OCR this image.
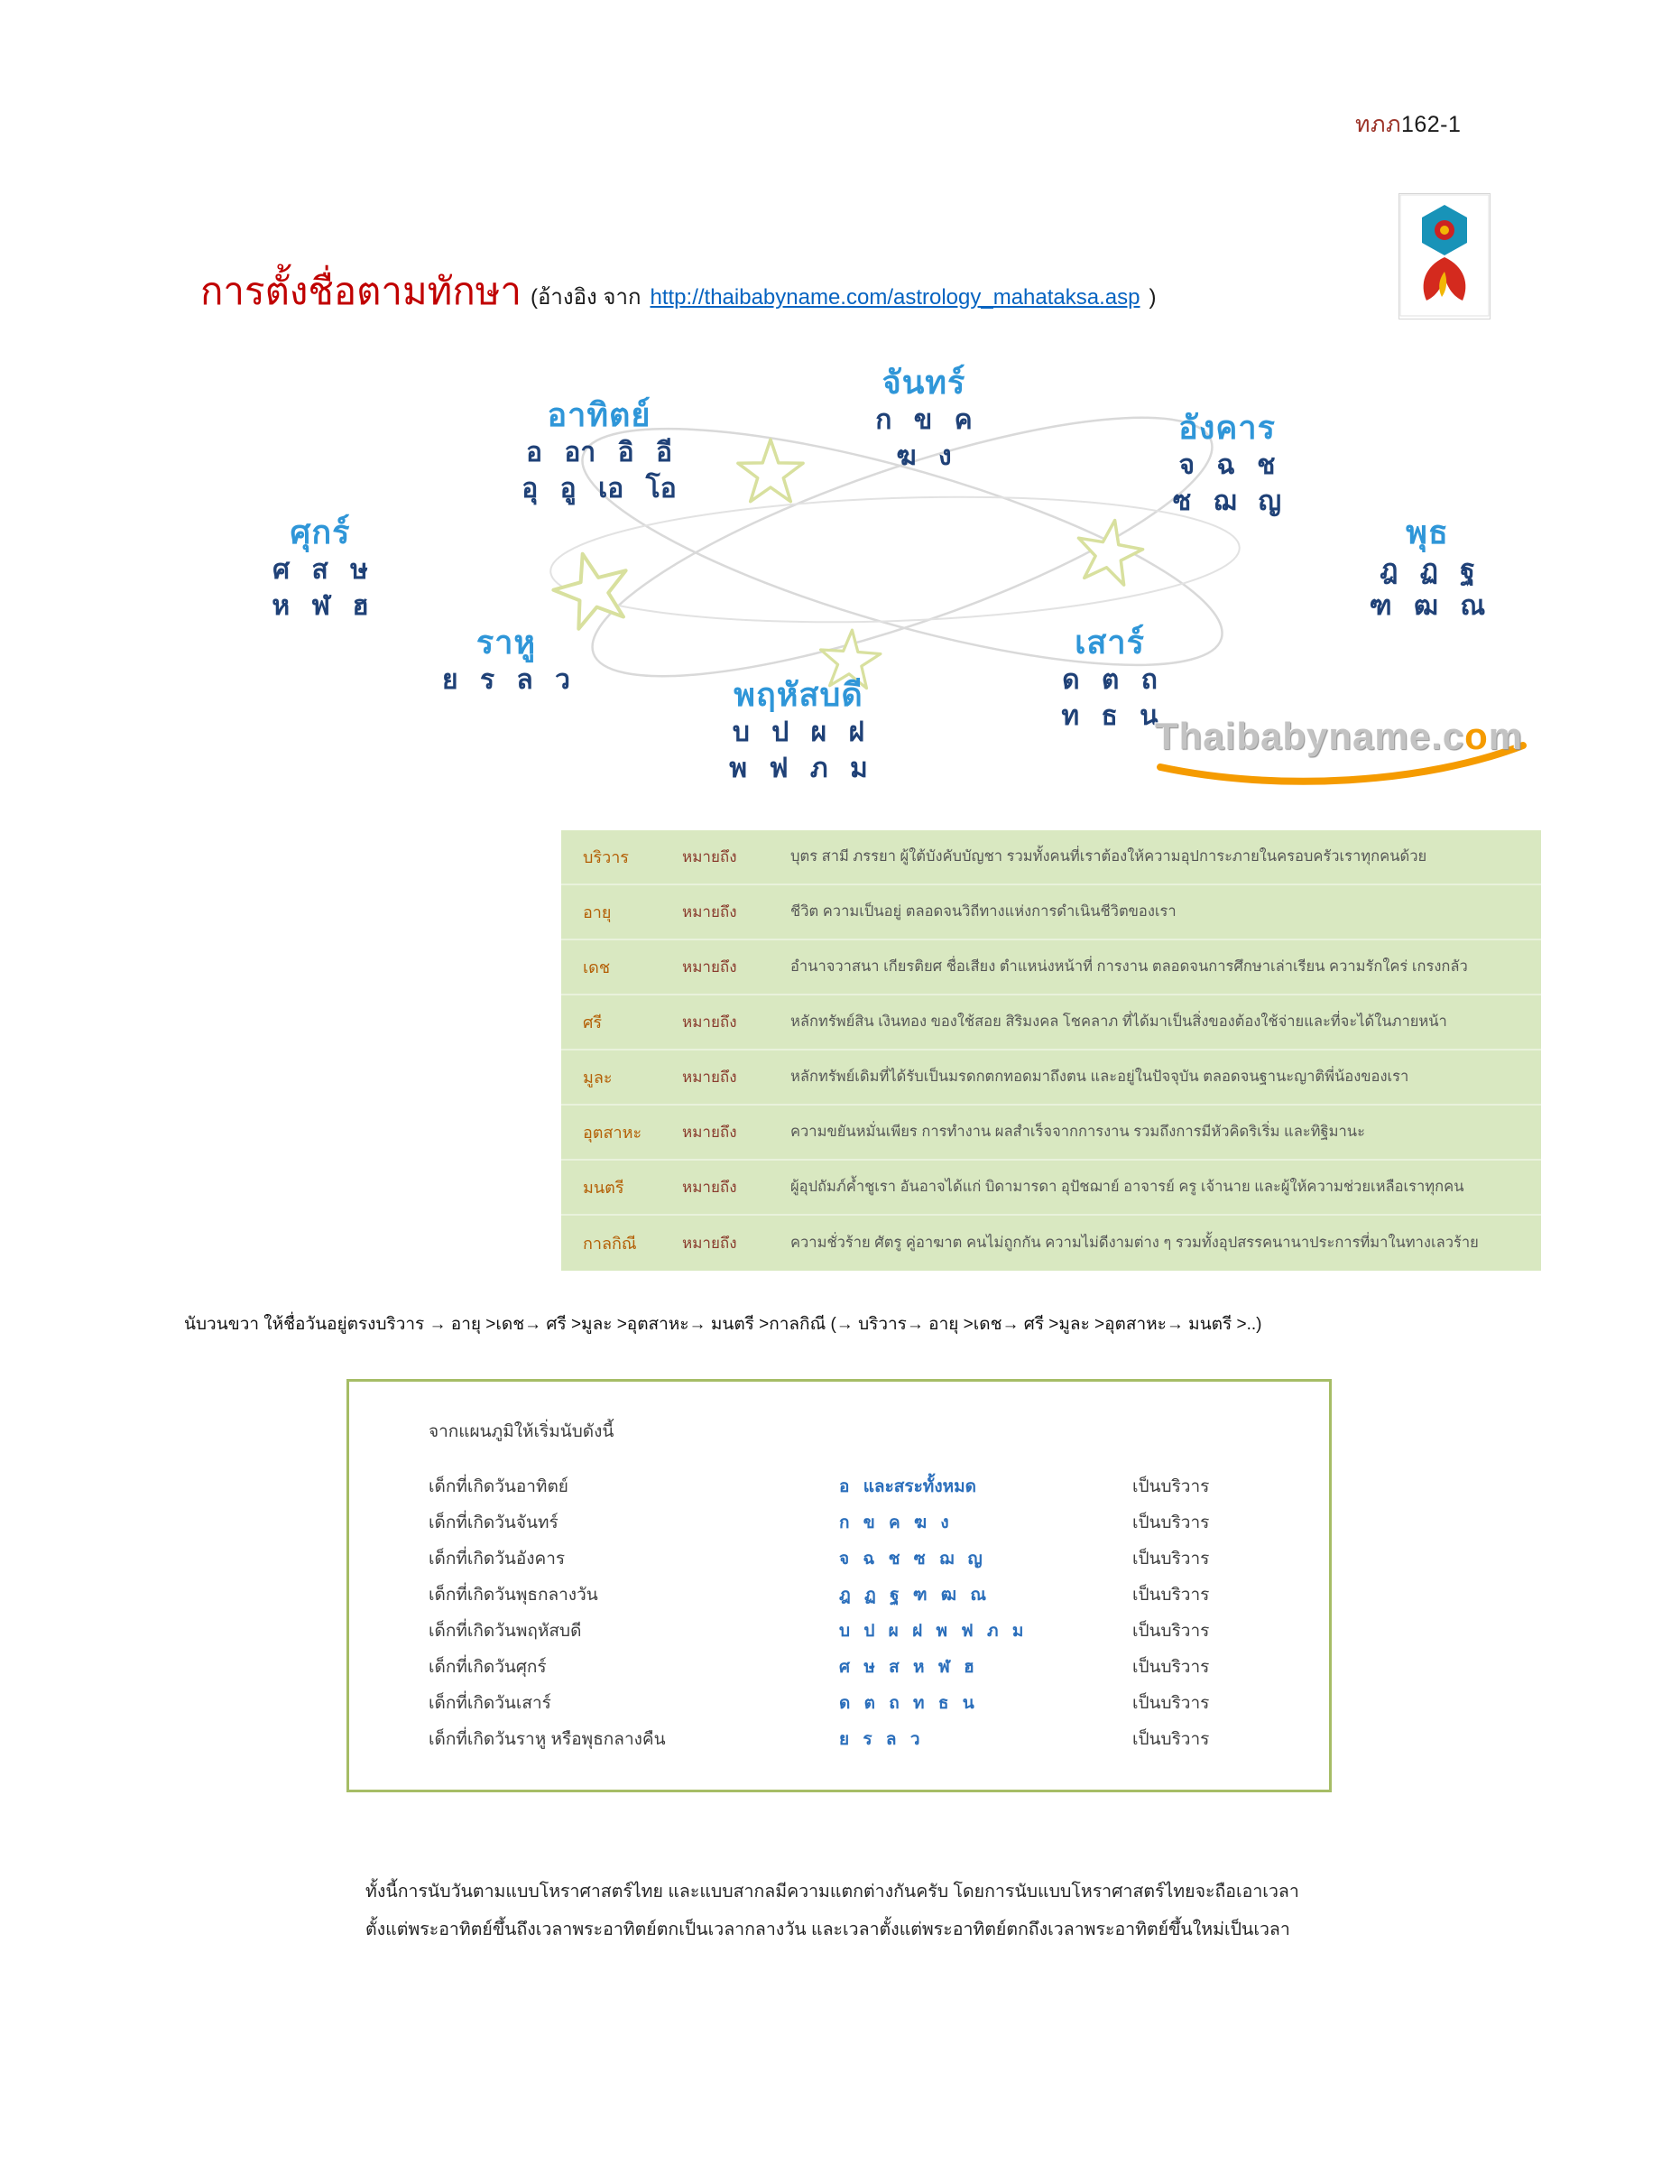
ทภภ162-1
การตั้งชื่อตามทักษา (อ้างอิง จาก http://thaibabyname.com/astrology_mahataksa.asp )
จันทร์
ก ข ค
ฆ ง
อาทิตย์
อ อา อิ อี
อุ อู เอ โอ
อังคาร
จ ฉ ช
ซ ฌ ญ
ศุกร์
ศ ส ษ
ห ฬ ฮ
พุธ
ฎ ฏ ฐ
ฑ ฒ ณ
ราหู
ย ร ล ว
เสาร์
ด ต ถ
ท ธ น
พฤหัสบดี
บ ป ผ ฝ
พ ฟ ภ ม
Thaibabyname.com
บริวาร	หมายถึง	บุตร สามี ภรรยา ผู้ใต้บังคับบัญชา รวมทั้งคนที่เราต้องให้ความอุปการะภายในครอบครัวเราทุกคนด้วย
อายุ	หมายถึง	ชีวิต ความเป็นอยู่ ตลอดจนวิถีทางแห่งการดำเนินชีวิตของเรา
เดช	หมายถึง	อำนาจวาสนา เกียรติยศ ชื่อเสียง ตำแหน่งหน้าที่ การงาน ตลอดจนการศึกษาเล่าเรียน ความรักใคร่ เกรงกลัว
ศรี	หมายถึง	หลักทรัพย์สิน เงินทอง ของใช้สอย สิริมงคล โชคลาภ ที่ได้มาเป็นสิ่งของต้องใช้จ่ายและที่จะได้ในภายหน้า
มูละ	หมายถึง	หลักทรัพย์เดิมที่ได้รับเป็นมรดกตกทอดมาถึงตน และอยู่ในปัจจุบัน ตลอดจนฐานะญาติพี่น้องของเรา
อุตสาหะ	หมายถึง	ความขยันหมั่นเพียร การทำงาน ผลสำเร็จจากการงาน รวมถึงการมีหัวคิดริเริ่ม และทิฐิมานะ
มนตรี	หมายถึง	ผู้อุปถัมภ์ค้ำชูเรา อันอาจได้แก่ บิดามารดา อุปัชฌาย์ อาจารย์ ครู เจ้านาย และผู้ให้ความช่วยเหลือเราทุกคน
กาลกิณี	หมายถึง	ความชั่วร้าย ศัตรู คู่อาฆาต คนไม่ถูกกัน ความไม่ดีงามต่าง ๆ รวมทั้งอุปสรรคนานาประการที่มาในทางเลวร้าย
นับวนขวา ให้ชื่อวันอยู่ตรงบริวาร → อายุ >เดช→ ศรี >มูละ >อุตสาหะ→ มนตรี >กาลกิณี (→ บริวาร→ อายุ >เดช→ ศรี >มูละ >อุตสาหะ→ มนตรี >..)
จากแผนภูมิให้เริ่มนับดังนี้
เด็กที่เกิดวันอาทิตย์	อ และสระทั้งหมด	เป็นบริวาร
เด็กที่เกิดวันจันทร์	ก ข ค ฆ ง	เป็นบริวาร
เด็กที่เกิดวันอังคาร	จ ฉ ช ซ ฌ ญ	เป็นบริวาร
เด็กที่เกิดวันพุธกลางวัน	ฎ ฏ ฐ ฑ ฒ ณ	เป็นบริวาร
เด็กที่เกิดวันพฤหัสบดี	บ ป ผ ฝ พ ฟ ภ ม	เป็นบริวาร
เด็กที่เกิดวันศุกร์	ศ ษ ส ห ฬ ฮ	เป็นบริวาร
เด็กที่เกิดวันเสาร์	ด ต ถ ท ธ น	เป็นบริวาร
เด็กที่เกิดวันราหู หรือพุธกลางคืน	ย ร ล ว	เป็นบริวาร
ทั้งนี้การนับวันตามแบบโหราศาสตร์ไทย และแบบสากลมีความแตกต่างกันครับ โดยการนับแบบโหราศาสตร์ไทยจะถือเอาเวลา
ตั้งแต่พระอาทิตย์ขึ้นถึงเวลาพระอาทิตย์ตกเป็นเวลากลางวัน และเวลาตั้งแต่พระอาทิตย์ตกถึงเวลาพระอาทิตย์ขึ้นใหม่เป็นเวลา
